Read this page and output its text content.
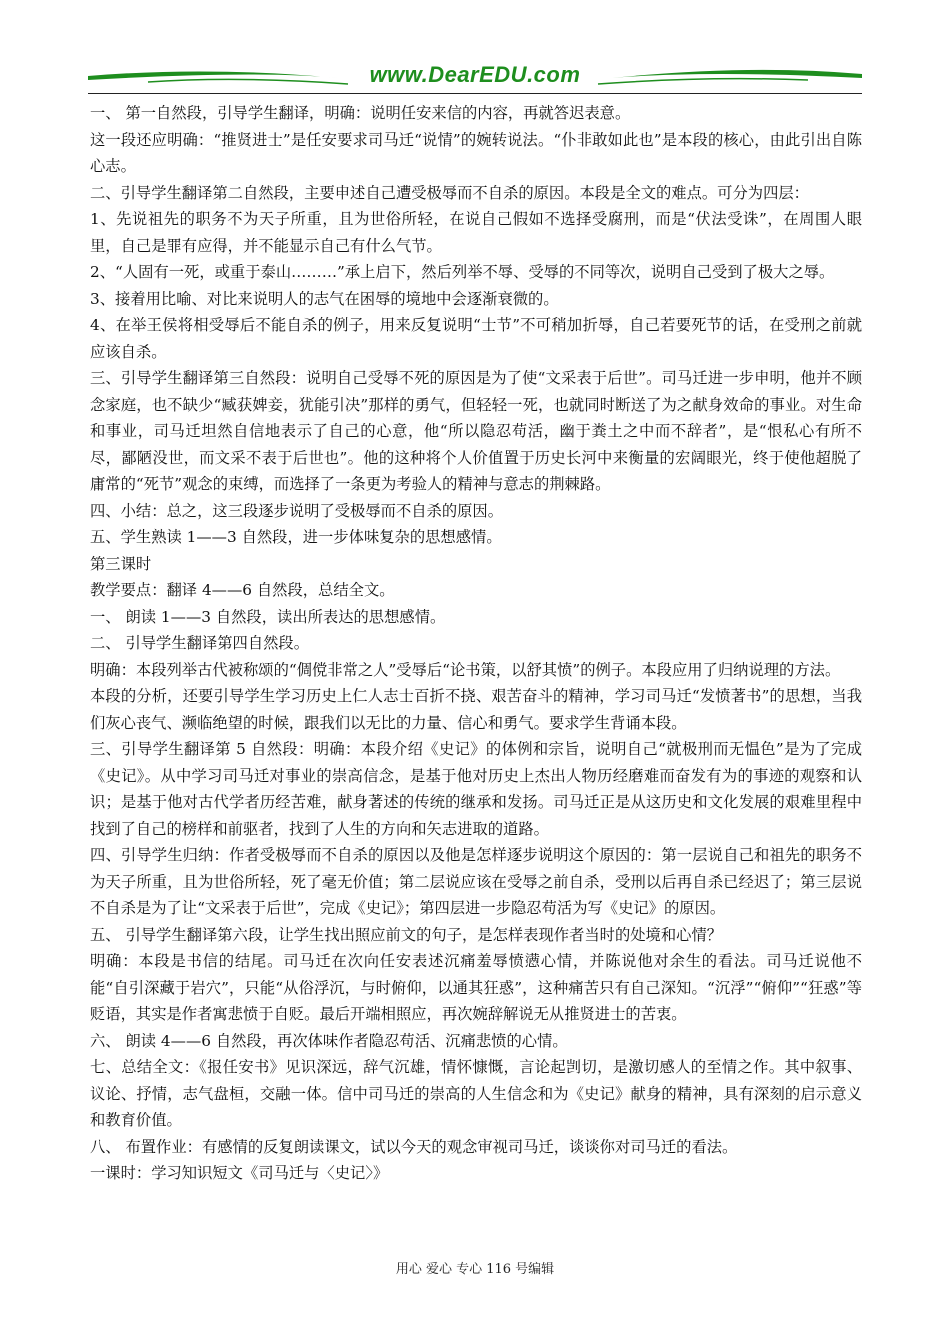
www.DearEDU.com

一、 第一自然段，引导学生翻译，明确：说明任安来信的内容，再就答迟表意。

这一段还应明确：“推贤进士”是任安要求司马迁“说情”的婉转说法。“仆非敢如此也”是本段的核心，由此引出自陈心志。

二、引导学生翻译第二自然段，主要申述自己遭受极辱而不自杀的原因。本段是全文的难点。可分为四层：

1、先说祖先的职务不为天子所重，且为世俗所轻，在说自己假如不选择受腐刑，而是“伏法受诛”，在周围人眼里，自己是罪有应得，并不能显示自己有什么气节。

2、“人固有一死，或重于泰山………”承上启下，然后列举不辱、受辱的不同等次，说明自己受到了极大之辱。

3、接着用比喻、对比来说明人的志气在困辱的境地中会逐渐衰微的。

4、在举王侯将相受辱后不能自杀的例子，用来反复说明“士节”不可稍加折辱，自己若要死节的话，在受刑之前就应该自杀。

三、引导学生翻译第三自然段：说明自己受辱不死的原因是为了使“文采表于后世”。司马迁进一步申明，他并不顾念家庭，也不缺少“臧获婢妾，犹能引决”那样的勇气，但轻轻一死，也就同时断送了为之献身效命的事业。对生命和事业，司马迁坦然自信地表示了自己的心意，他“所以隐忍苟活，幽于粪土之中而不辞者”，是“恨私心有所不尽，鄙陋没世，而文采不表于后世也”。他的这种将个人价值置于历史长河中来衡量的宏阔眼光，终于使他超脱了庸常的“死节”观念的束缚，而选择了一条更为考验人的精神与意志的荆棘路。

四、小结：总之，这三段逐步说明了受极辱而不自杀的原因。

五、学生熟读 1——3 自然段，进一步体味复杂的思想感情。

第三课时

教学要点：翻译 4——6 自然段，总结全文。

一、 朗读 1——3 自然段，读出所表达的思想感情。

二、 引导学生翻译第四自然段。

明确：本段列举古代被称颂的“倜傥非常之人”受辱后“论书策，以舒其愤”的例子。本段应用了归纳说理的方法。

本段的分析，还要引导学生学习历史上仁人志士百折不挠、艰苦奋斗的精神，学习司马迁“发愤著书”的思想，当我们灰心丧气、濒临绝望的时候，跟我们以无比的力量、信心和勇气。要求学生背诵本段。

三、引导学生翻译第 5 自然段：明确：本段介绍《史记》的体例和宗旨，说明自己“就极刑而无愠色”是为了完成《史记》。从中学习司马迁对事业的崇高信念，是基于他对历史上杰出人物历经磨难而奋发有为的事迹的观察和认识；是基于他对古代学者历经苦难，献身著述的传统的继承和发扬。司马迁正是从这历史和文化发展的艰难里程中找到了自己的榜样和前驱者，找到了人生的方向和矢志进取的道路。

四、引导学生归纳：作者受极辱而不自杀的原因以及他是怎样逐步说明这个原因的：第一层说自己和祖先的职务不为天子所重，且为世俗所轻，死了毫无价值；第二层说应该在受辱之前自杀，受刑以后再自杀已经迟了；第三层说不自杀是为了让“文采表于后世”，完成《史记》；第四层进一步隐忍苟活为写《史记》的原因。

五、 引导学生翻译第六段，让学生找出照应前文的句子，是怎样表现作者当时的处境和心情？

明确：本段是书信的结尾。司马迁在次向任安表述沉痛羞辱愤懑心情，并陈说他对余生的看法。司马迁说他不能“自引深藏于岩穴”，只能“从俗浮沉，与时俯仰，以通其狂惑”，这种痛苦只有自己深知。“沉浮”“俯仰”“狂惑”等贬语，其实是作者寓悲愤于自贬。最后开端相照应，再次婉辞解说无从推贤进士的苦衷。

六、 朗读 4——6 自然段，再次体味作者隐忍苟活、沉痛悲愤的心情。

七、总结全文：《报任安书》见识深远，辞气沉雄，情怀慷慨，言论起剀切，是激切感人的至情之作。其中叙事、议论、抒情，志气盘桓，交融一体。信中司马迁的崇高的人生信念和为《史记》献身的精神，具有深刻的启示意义和教育价值。

八、 布置作业：有感情的反复朗读课文，试以今天的观念审视司马迁，谈谈你对司马迁的看法。

一课时：学习知识短文《司马迁与〈史记〉》

用心 爱心 专心 116 号编辑
